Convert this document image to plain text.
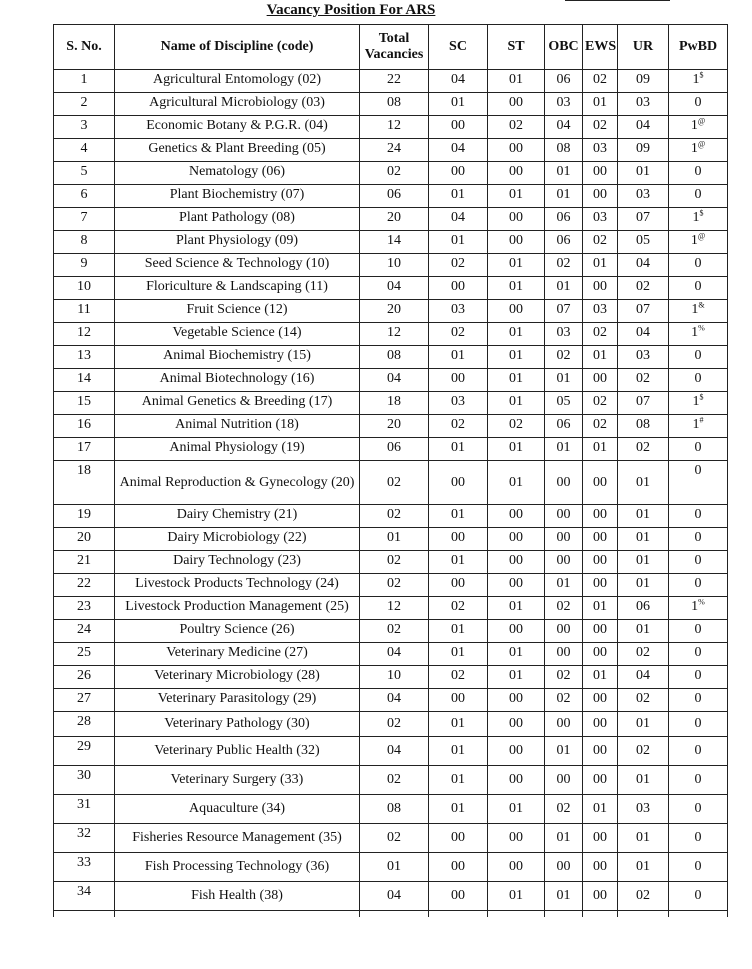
Vacancy Position For ARS
S. No.	Name of Discipline (code)	Total Vacancies	SC	ST	OBC	EWS	UR	PwBD
1	Agricultural Entomology (02)	22	04	01	06	02	09	1$
2	Agricultural Microbiology (03)	08	01	00	03	01	03	0
3	Economic Botany & P.G.R. (04)	12	00	02	04	02	04	1@
4	Genetics & Plant Breeding (05)	24	04	00	08	03	09	1@
5	Nematology (06)	02	00	00	01	00	01	0
6	Plant Biochemistry (07)	06	01	01	01	00	03	0
7	Plant Pathology (08)	20	04	00	06	03	07	1$
8	Plant Physiology (09)	14	01	00	06	02	05	1@
9	Seed Science & Technology (10)	10	02	01	02	01	04	0
10	Floriculture & Landscaping (11)	04	00	01	01	00	02	0
11	Fruit Science (12)	20	03	00	07	03	07	1&
12	Vegetable Science (14)	12	02	01	03	02	04	1%
13	Animal Biochemistry (15)	08	01	01	02	01	03	0
14	Animal Biotechnology (16)	04	00	01	01	00	02	0
15	Animal Genetics & Breeding (17)	18	03	01	05	02	07	1$
16	Animal Nutrition (18)	20	02	02	06	02	08	1#
17	Animal Physiology (19)	06	01	01	01	01	02	0
18	Animal Reproduction & Gynecology (20)	02	00	01	00	00	01	0
19	Dairy Chemistry (21)	02	01	00	00	00	01	0
20	Dairy Microbiology (22)	01	00	00	00	00	01	0
21	Dairy Technology (23)	02	01	00	00	00	01	0
22	Livestock Products Technology (24)	02	00	00	01	00	01	0
23	Livestock Production Management (25)	12	02	01	02	01	06	1%
24	Poultry Science (26)	02	01	00	00	00	01	0
25	Veterinary Medicine (27)	04	01	01	00	00	02	0
26	Veterinary Microbiology (28)	10	02	01	02	01	04	0
27	Veterinary Parasitology (29)	04	00	00	02	00	02	0
28	Veterinary Pathology (30)	02	01	00	00	00	01	0
29	Veterinary Public Health (32)	04	01	00	01	00	02	0
30	Veterinary Surgery (33)	02	01	00	00	00	01	0
31	Aquaculture (34)	08	01	01	02	01	03	0
32	Fisheries Resource Management (35)	02	00	00	01	00	01	0
33	Fish Processing Technology (36)	01	00	00	00	00	01	0
34	Fish Health (38)	04	00	01	01	00	02	0
